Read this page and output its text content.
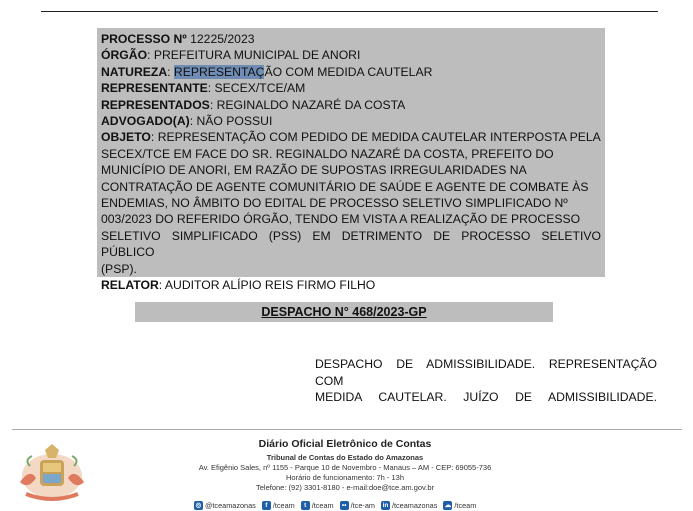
PROCESSO Nº 12225/2023
ÓRGÃO: PREFEITURA MUNICIPAL DE ANORI
NATUREZA: REPRESENTAÇÃO COM MEDIDA CAUTELAR
REPRESENTANTE: SECEX/TCE/AM
REPRESENTADOS: REGINALDO NAZARÉ DA COSTA
ADVOGADO(A): NÃO POSSUI
OBJETO: REPRESENTAÇÃO COM PEDIDO DE MEDIDA CAUTELAR INTERPOSTA PELA
SECEX/TCE EM FACE DO SR. REGINALDO NAZARÉ DA COSTA, PREFEITO DO
MUNICÍPIO DE ANORI, EM RAZÃO DE SUPOSTAS IRREGULARIDADES NA
CONTRATAÇÃO DE AGENTE COMUNITÁRIO DE SAÚDE E AGENTE DE COMBATE ÀS
ENDEMIAS, NO ÂMBITO DO EDITAL DE PROCESSO SELETIVO SIMPLIFICADO Nº
003/2023 DO REFERIDO ÓRGÃO, TENDO EM VISTA A REALIZAÇÃO DE PROCESSO
SELETIVO SIMPLIFICADO (PSS) EM DETRIMENTO DE PROCESSO SELETIVO PÚBLICO
(PSP).
RELATOR: AUDITOR ALÍPIO REIS FIRMO FILHO
DESPACHO N° 468/2023-GP
DESPACHO DE ADMISSIBILIDADE. REPRESENTAÇÃO COM
MEDIDA CAUTELAR. JUÍZO DE ADMISSIBILIDADE.
Diário Oficial Eletrônico de Contas
Tribunal de Contas do Estado do Amazonas
Av. Efigênio Sales, nº 1155 - Parque 10 de Novembro - Manaus – AM - CEP: 69055-736
Horário de funcionamento: 7h - 13h
Telefone: (92) 3301-8180 - e-mail:doe@tce.am.gov.br
◎ @tceamazonas	f /tceam	t /tceam	•• /tce-am in /tceamazonas ☁ /tceam
